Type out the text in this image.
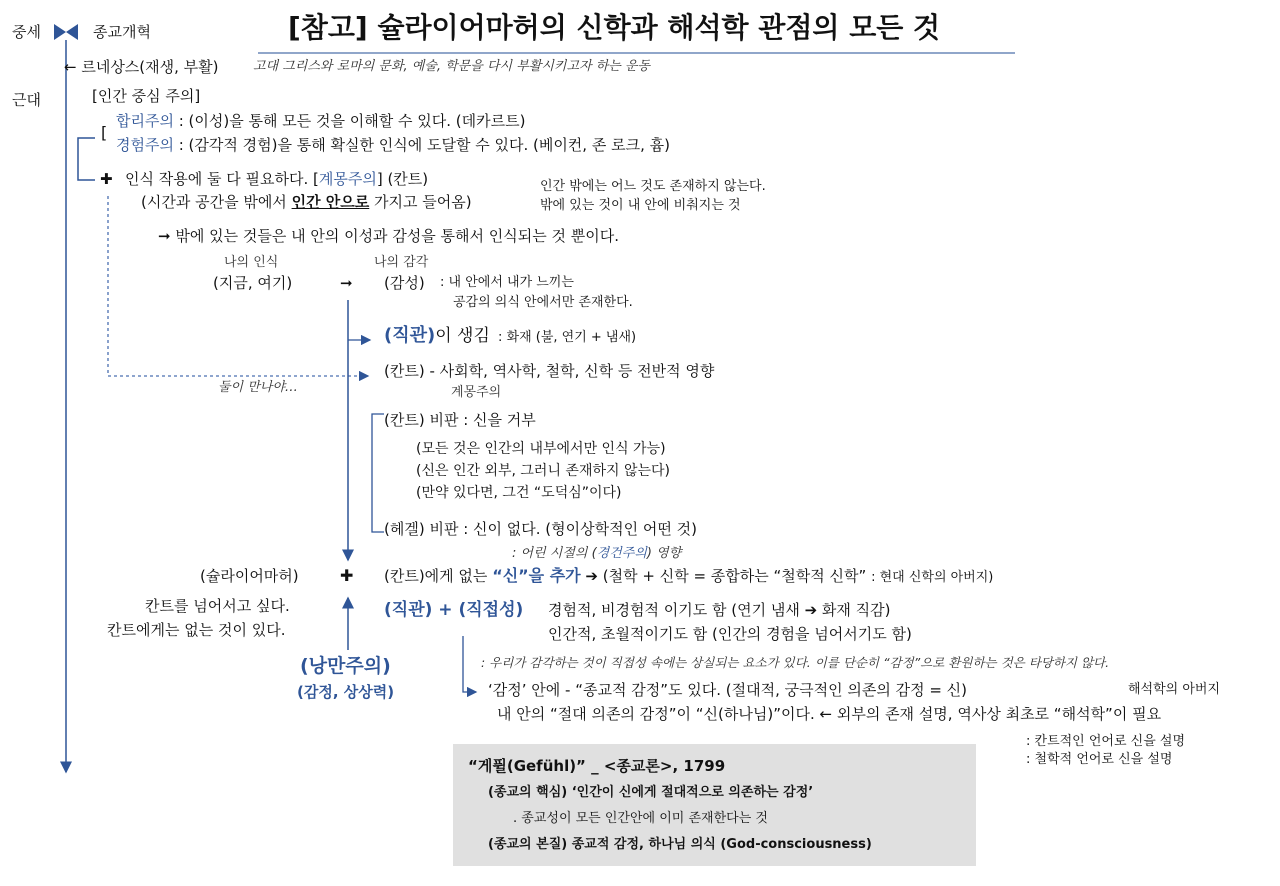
중세	종교개혁	[참고] 슐라이어마허의 신학과 해석학 관점의 모든 것
← 르네상스(재생, 부활)	고대 그리스와 로마의 문화, 예술, 학문을 다시 부활시키고자 하는 운동
근대	[인간 중심 주의]
[
합리주의 : (이성)을 통해 모든 것을 이해할 수 있다. (데카르트)
경험주의 : (감각적 경험)을 통해 확실한 인식에 도달할 수 있다. (베이컨, 존 로크, 흄)
✚ 인식 작용에 둘 다 필요하다. [계몽주의] (칸트)
(시간과 공간을 밖에서 인간 안으로 가지고 들어옴)
인간 밖에는 어느 것도 존재하지 않는다.
밖에 있는 것이 내 안에 비춰지는 것
➞ 밖에 있는 것들은 내 안의 이성과 감성을 통해서 인식되는 것 뿐이다.
나의 인식
(지금, 여기)	➞
나의 감각
(감성) : 내 안에서 내가 느끼는
공감의 의식 안에서만 존재한다.
(직관)이 생김 : 화재 (불, 연기 + 냄새)
(칸트) - 사회학, 역사학, 철학, 신학 등 전반적 영향
계몽주의
둘이 만나야…
(칸트) 비판 : 신을 거부
(모든 것은 인간의 내부에서만 인식 가능)
(신은 인간 외부, 그러니 존재하지 않는다)
(만약 있다면, 그건 “도덕심”이다)
(헤겔) 비판 : 신이 없다. (형이상학적인 어떤 것)
: 어린 시절의 (경건주의) 영향
(슐라이어마허)	✚ (칸트)에게 없는 “신”을 추가 ➔ (철학 + 신학 = 종합하는 “철학적 신학” : 현대 신학의 아버지)
칸트를 넘어서고 싶다.
칸트에게는 없는 것이 있다.
(직관) + (직접성) 경험적, 비경험적 이기도 함 (연기 냄새 ➔ 화재 직감)
인간적, 초월적이기도 함 (인간의 경험을 넘어서기도 함)
(낭만주의)
(감정, 상상력)
: 우리가 감각하는 것이 직접성 속에는 상실되는 요소가 있다. 이를 단순히 “감정”으로 환원하는 것은 타당하지 않다.
‘감정’ 안에 - “종교적 감정”도 있다. (절대적, 궁극적인 의존의 감정 = 신)	해석학의 아버지
내 안의 “절대 의존의 감정”이 “신(하나님)”이다. ← 외부의 존재 설명, 역사상 최초로 “해석학”이 필요
: 칸트적인 언어로 신을 설명
: 철학적 언어로 신을 설명
“게퓔(Gefühl)” _ <종교론>, 1799
(종교의 핵심) ‘인간이 신에게 절대적으로 의존하는 감정’
. 종교성이 모든 인간안에 이미 존재한다는 것
(종교의 본질) 종교적 감정, 하나님 의식 (God-consciousness)
